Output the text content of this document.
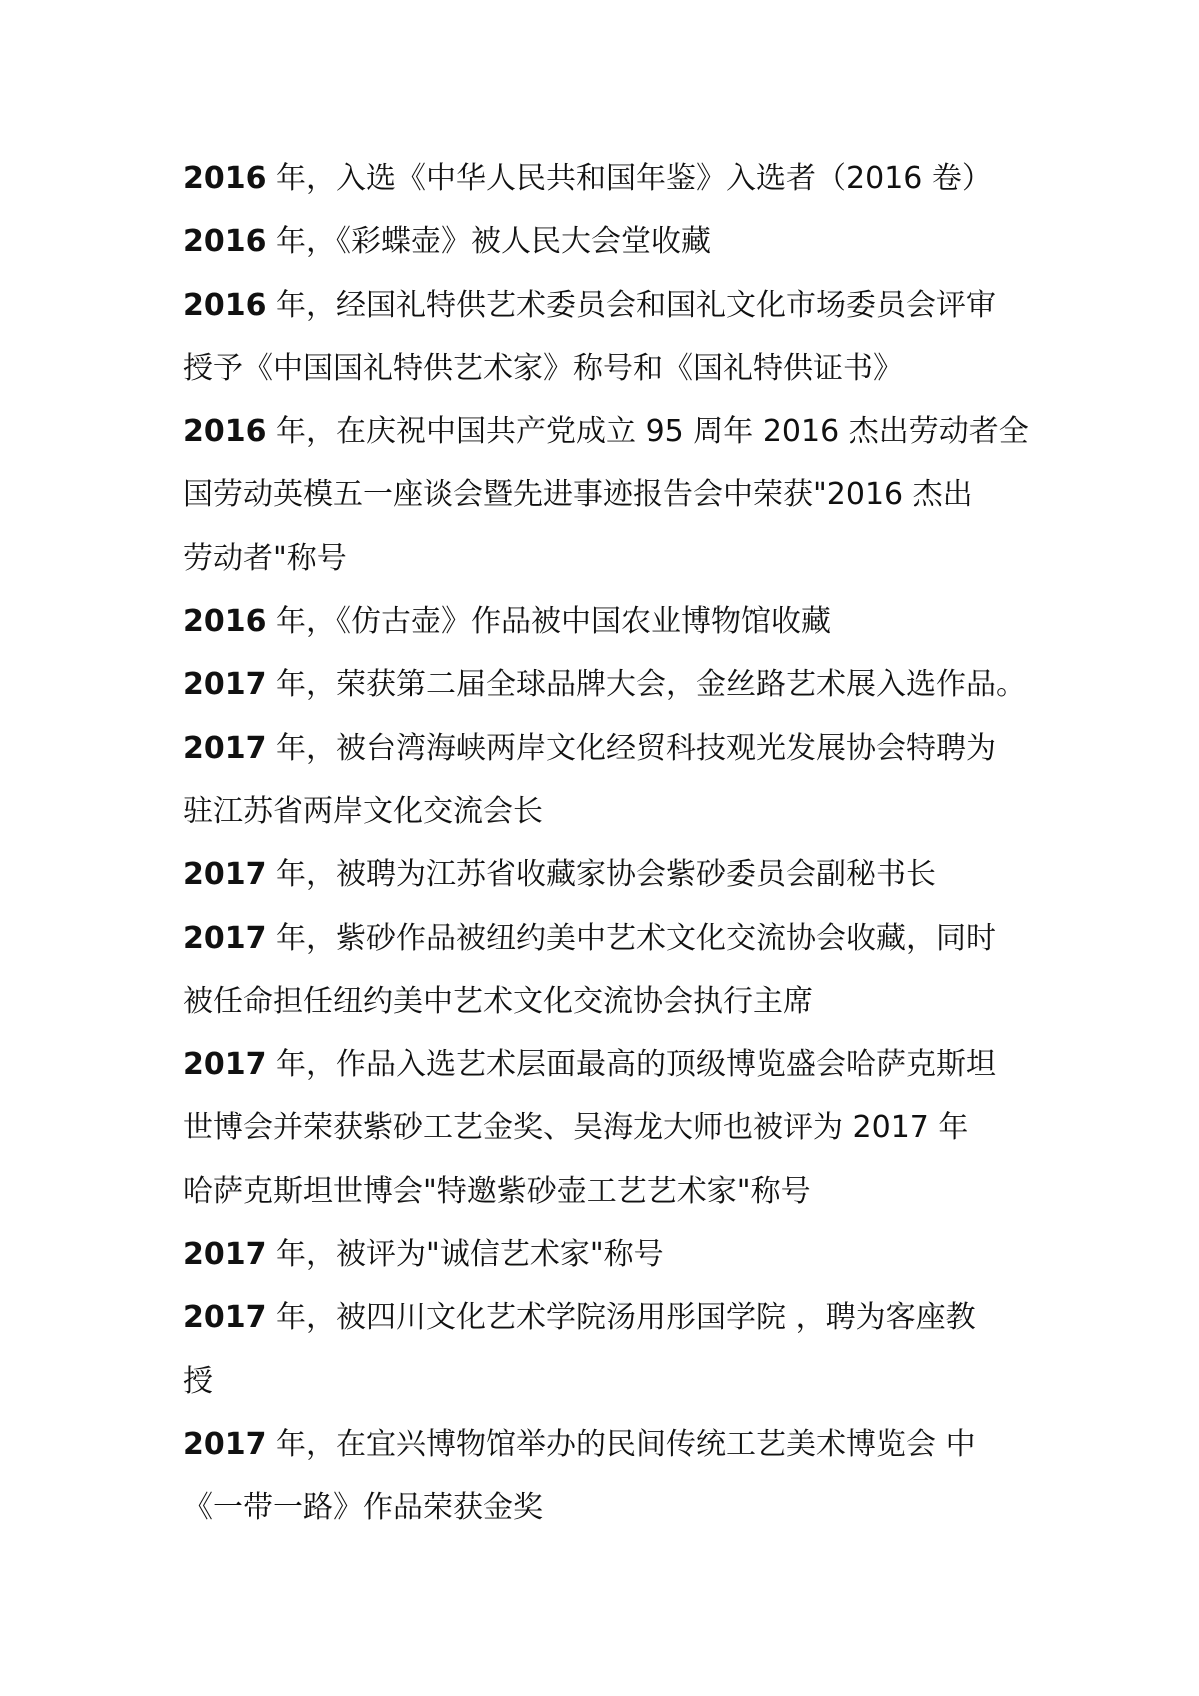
2016 年，入选《中华人民共和国年鉴》入选者（2016 卷）

2016 年，《彩蝶壶》被人民大会堂收藏

2016 年，经国礼特供艺术委员会和国礼文化市场委员会评审

授予《中国国礼特供艺术家》称号和《国礼特供证书》

2016 年，在庆祝中国共产党成立 95 周年 2016 杰出劳动者全

国劳动英模五一座谈会暨先进事迹报告会中荣获"2016 杰出

劳动者"称号

2016 年，《仿古壶》作品被中国农业博物馆收藏

2017 年，荣获第二届全球品牌大会，金丝路艺术展入选作品。

2017 年，被台湾海峡两岸文化经贸科技观光发展协会特聘为

驻江苏省两岸文化交流会长

2017 年，被聘为江苏省收藏家协会紫砂委员会副秘书长

2017 年，紫砂作品被纽约美中艺术文化交流协会收藏，同时

被任命担任纽约美中艺术文化交流协会执行主席

2017 年，作品入选艺术层面最高的顶级博览盛会哈萨克斯坦

世博会并荣获紫砂工艺金奖、吴海龙大师也被评为 2017 年

哈萨克斯坦世博会"特邀紫砂壶工艺艺术家"称号

2017 年，被评为"诚信艺术家"称号

2017 年，被四川文化艺术学院汤用彤国学院 ，聘为客座教

授

2017 年，在宜兴博物馆举办的民间传统工艺美术博览会 中

《一带一路》作品荣获金奖
